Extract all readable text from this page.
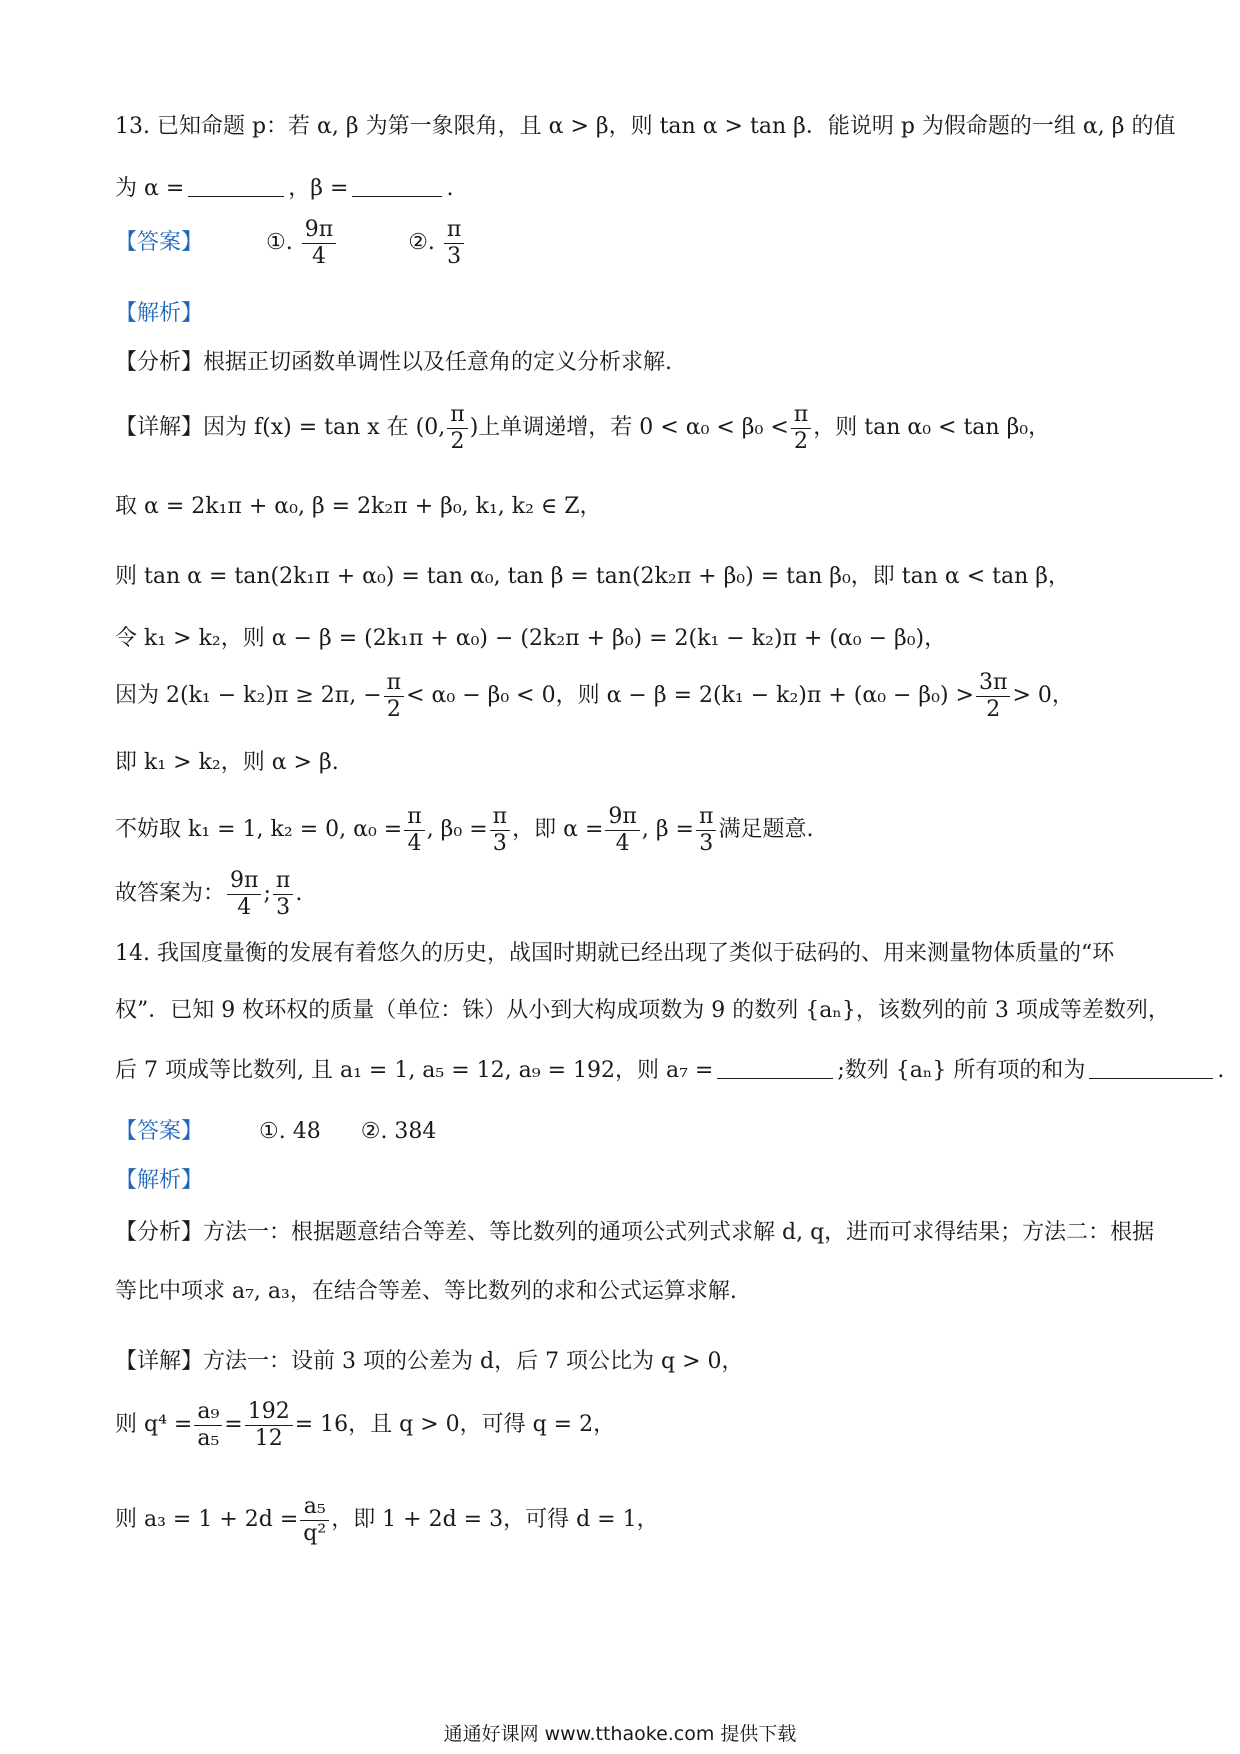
13. 已知命题 p：若 α, β 为第一象限角，且 α > β，则 tan α > tan β．能说明 p 为假命题的一组 α, β 的值
为 α =	，β =	.
【答案】	①. $\frac{9\pi}{4}$	②. $\frac{\pi}{3}$
【解析】
【分析】根据正切函数单调性以及任意角的定义分析求解.
【详解】因为 f(x) = tan x 在 (0, $\frac{\pi}{2}$ )上单调递增，若 $0 < \alpha_0 < \beta_0 < \frac{\pi}{2}$ ，则 tan α₀ < tan β₀，
取 α = 2k₁π + α₀, β = 2k₂π + β₀, k₁, k₂ ∈ Z，
则 tan α = tan(2k₁π + α₀) = tan α₀, tan β = tan(2k₂π + β₀) = tan β₀，即 tan α < tan β，
令 k₁ > k₂，则 α − β = (2k₁π + α₀) − (2k₂π + β₀) = 2(k₁ − k₂)π + (α₀ − β₀)，
因为 2(k₁ − k₂)π ≥ 2π, − $\frac{\pi}{2} < \alpha_0 - \beta_0 < 0$，则 $\alpha - \beta = 2(k_1 - k_2)\pi + (\alpha_0 - \beta_0) > \frac{3\pi}{2} > 0$，
即 k₁ > k₂，则 α > β.
不妨取 k₁ = 1, k₂ = 0, $\alpha_0 = \frac{\pi}{4}$ , $\beta_0 = \frac{\pi}{3}$ ，即 $\alpha = \frac{9\pi}{4}$ , $\beta = \frac{\pi}{3}$ 满足题意.
故答案为： $\frac{9\pi}{4}$ ; $\frac{\pi}{3}$ .
14. 我国度量衡的发展有着悠久的历史，战国时期就已经出现了类似于砝码的、用来测量物体质量的“环
权”．已知 9 枚环权的质量（单位：铢）从小到大构成项数为 9 的数列 {aₙ}，该数列的前 3 项成等差数列，
后 7 项成等比数列, 且 a₁ = 1, a₅ = 12, a₉ = 192，则 a₇ =	;数列 {aₙ} 所有项的和为	.
【答案】	①. 48 ②. 384
【解析】
【分析】方法一：根据题意结合等差、等比数列的通项公式列式求解 d, q，进而可求得结果；方法二：根据
等比中项求 a₇, a₃，在结合等差、等比数列的求和公式运算求解.
【详解】方法一：设前 3 项的公差为 d，后 7 项公比为 q > 0，
则 $q^4 = \frac{\text{a₉}}{\text{a₅}} = \frac{192}{12} = 16$，且 q > 0，可得 q = 2，
则 $a_3 = 1 + 2d = \frac{\text{a₅}}{\text{q²}}$ ，即 1 + 2d = 3，可得 d = 1，
通通好课网 www.tthaoke.com 提供下载
